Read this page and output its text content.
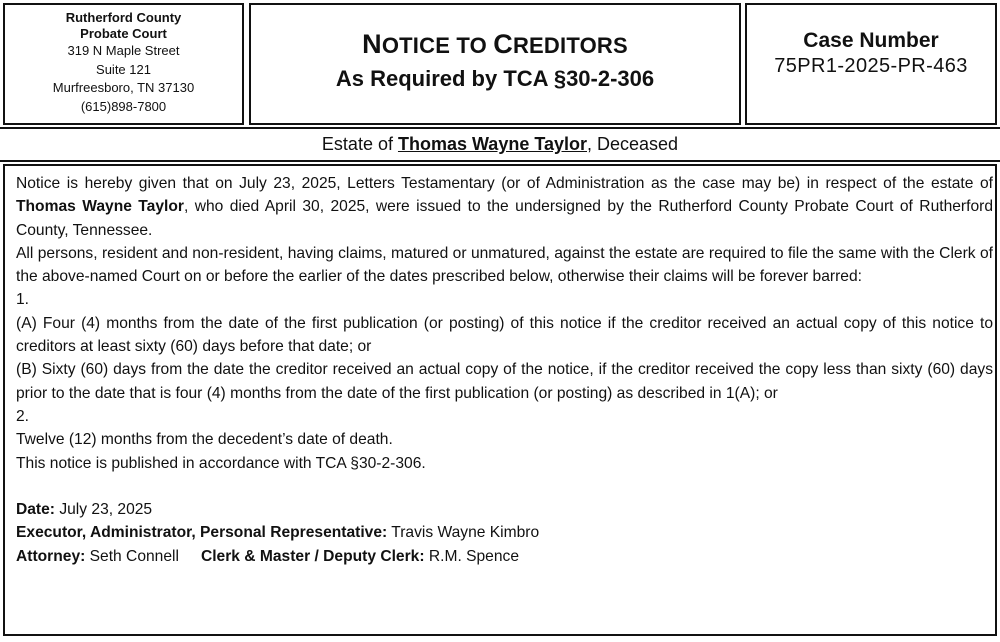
Rutherford County
Probate Court
319 N Maple Street
Suite 121
Murfreesboro, TN 37130
(615)898-7800
NOTICE TO CREDITORS
As Required by TCA §30-2-306
Case Number
75PR1-2025-PR-463
Estate of Thomas Wayne Taylor, Deceased

Notice is hereby given that on July 23, 2025, Letters Testamentary (or of Administration as the case may be) in respect of the estate of Thomas Wayne Taylor, who died April 30, 2025, were issued to the undersigned by the Rutherford County Probate Court of Rutherford County, Tennessee.

All persons, resident and non-resident, having claims, matured or unmatured, against the estate are required to file the same with the Clerk of the above-named Court on or before the earlier of the dates prescribed below, otherwise their claims will be forever barred:

1.

(A) Four (4) months from the date of the first publication (or posting) of this notice if the creditor received an actual copy of this notice to creditors at least sixty (60) days before that date; or

(B) Sixty (60) days from the date the creditor received an actual copy of the notice, if the creditor received the copy less than sixty (60) days prior to the date that is four (4) months from the date of the first publication (or posting) as described in 1(A); or

2.

Twelve (12) months from the decedent’s date of death.

This notice is published in accordance with TCA §30-2-306.

Date: July 23, 2025

Executor, Administrator, Personal Representative: Travis Wayne Kimbro

Attorney: Seth Connell Clerk & Master / Deputy Clerk: R.M. Spence
